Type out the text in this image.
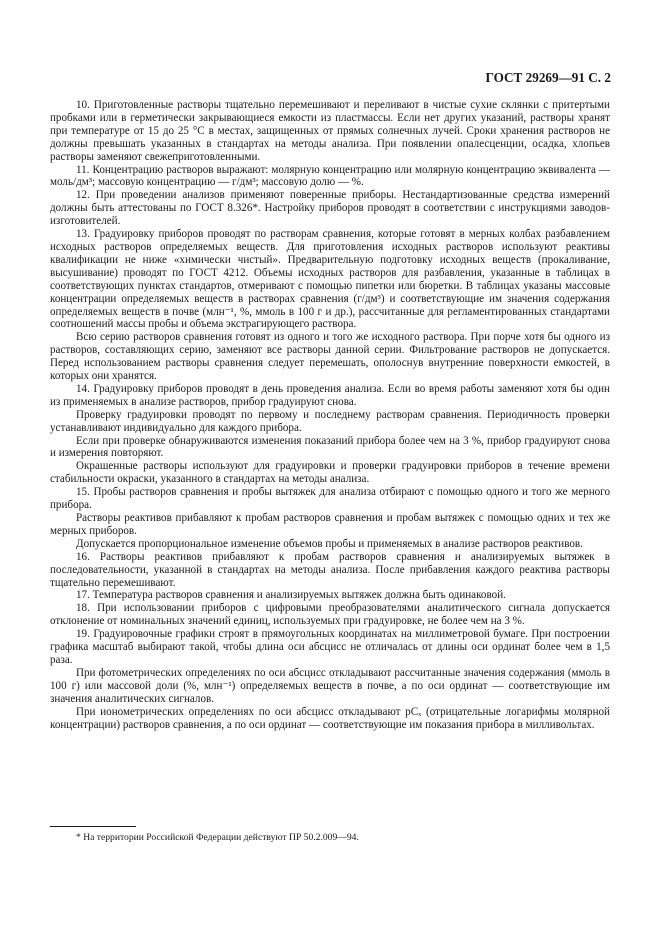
ГОСТ 29269—91 С. 2

10. Приготовленные растворы тщательно перемешивают и переливают в чистые сухие склянки с притертыми пробками или в герметически закрывающиеся емкости из пластмассы. Если нет других указаний, растворы хранят при температуре от 15 до 25 °С в местах, защищенных от прямых солнечных лучей. Сроки хранения растворов не должны превышать указанных в стандартах на методы анализа. При появлении опалесценции, осадка, хлопьев растворы заменяют свежеприготовленными.

11. Концентрацию растворов выражают: молярную концентрацию или молярную концентрацию эквивалента — моль/дм³; массовую концентрацию — г/дм³; массовую долю — %.

12. При проведении анализов применяют поверенные приборы. Нестандартизованные средства измерений должны быть аттестованы по ГОСТ 8.326*. Настройку приборов проводят в соответствии с инструкциями заводов-изготовителей.

13. Градуировку приборов проводят по растворам сравнения, которые готовят в мерных колбах разбавлением исходных растворов определяемых веществ. Для приготовления исходных растворов используют реактивы квалификации не ниже «химически чистый». Предварительную подготовку исходных веществ (прокаливание, высушивание) проводят по ГОСТ 4212. Объемы исходных растворов для разбавления, указанные в таблицах в соответствующих пунктах стандартов, отмеривают с помощью пипетки или бюретки. В таблицах указаны массовые концентрации определяемых веществ в растворах сравнения (г/дм³) и соответствующие им значения содержания определяемых веществ в почве (млн⁻¹, %, ммоль в 100 г и др.), рассчитанные для регламентированных стандартами соотношений массы пробы и объема экстрагирующего раствора.

Всю серию растворов сравнения готовят из одного и того же исходного раствора. При порче хотя бы одного из растворов, составляющих серию, заменяют все растворы данной серии. Фильтрование растворов не допускается. Перед использованием растворы сравнения следует перемешать, ополоснув внутренние поверхности емкостей, в которых они хранятся.

14. Градуировку приборов проводят в день проведения анализа. Если во время работы заменяют хотя бы один из применяемых в анализе растворов, прибор градуируют снова.

Проверку градуировки проводят по первому и последнему растворам сравнения. Периодичность проверки устанавливают индивидуально для каждого прибора.

Если при проверке обнаруживаются изменения показаний прибора более чем на 3 %, прибор градуируют снова и измерения повторяют.

Окрашенные растворы используют для градуировки и проверки градуировки приборов в течение времени стабильности окраски, указанного в стандартах на методы анализа.

15. Пробы растворов сравнения и пробы вытяжек для анализа отбирают с помощью одного и того же мерного прибора.

Растворы реактивов прибавляют к пробам растворов сравнения и пробам вытяжек с помощью одних и тех же мерных приборов.

Допускается пропорциональное изменение объемов пробы и применяемых в анализе растворов реактивов.

16. Растворы реактивов прибавляют к пробам растворов сравнения и анализируемых вытяжек в последовательности, указанной в стандартах на методы анализа. После прибавления каждого реактива растворы тщательно перемешивают.

17. Температура растворов сравнения и анализируемых вытяжек должна быть одинаковой.

18. При использовании приборов с цифровыми преобразователями аналитического сигнала допускается отклонение от номинальных значений единиц, используемых при градуировке, не более чем на 3 %.

19. Градуировочные графики строят в прямоугольных координатах на миллиметровой бумаге. При построении графика масштаб выбирают такой, чтобы длина оси абсцисс не отличалась от длины оси ординат более чем в 1,5 раза.

При фотометрических определениях по оси абсцисс откладывают рассчитанные значения содержания (ммоль в 100 г) или массовой доли (%, млн⁻¹) определяемых веществ в почве, а по оси ординат — соответствующие им значения аналитических сигналов.

При ионометрических определениях по оси абсцисс откладывают pCₓ (отрицательные логарифмы молярной концентрации) растворов сравнения, а по оси ординат — соответствующие им показания прибора в милливольтах.

* На территории Российской Федерации действуют ПР 50.2.009—94.
